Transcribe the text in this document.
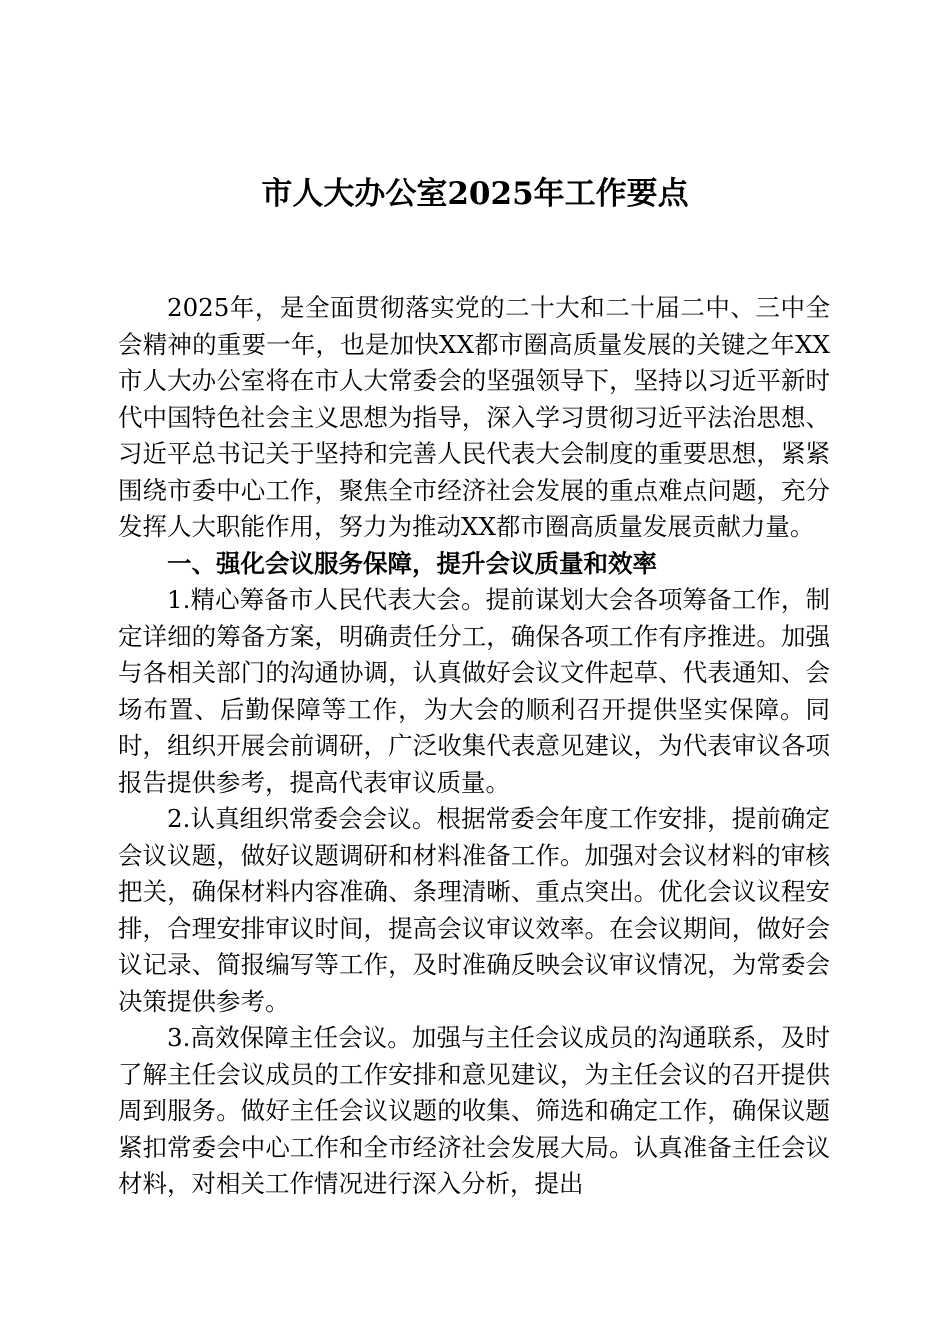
市人大办公室2025年工作要点

2025年，是全面贯彻落实党的二十大和二十届二中、三中全会精神的重要一年，也是加快XX都市圈高质量发展的关键之年XX市人大办公室将在市人大常委会的坚强领导下，坚持以习近平新时代中国特色社会主义思想为指导，深入学习贯彻习近平法治思想、习近平总书记关于坚持和完善人民代表大会制度的重要思想，紧紧围绕市委中心工作，聚焦全市经济社会发展的重点难点问题，充分发挥人大职能作用，努力为推动XX都市圈高质量发展贡献力量。

一、强化会议服务保障，提升会议质量和效率

1.精心筹备市人民代表大会。提前谋划大会各项筹备工作，制定详细的筹备方案，明确责任分工，确保各项工作有序推进。加强与各相关部门的沟通协调，认真做好会议文件起草、代表通知、会场布置、后勤保障等工作，为大会的顺利召开提供坚实保障。同时，组织开展会前调研，广泛收集代表意见建议，为代表审议各项报告提供参考，提高代表审议质量。

2.认真组织常委会会议。根据常委会年度工作安排，提前确定会议议题，做好议题调研和材料准备工作。加强对会议材料的审核把关，确保材料内容准确、条理清晰、重点突出。优化会议议程安排，合理安排审议时间，提高会议审议效率。在会议期间，做好会议记录、简报编写等工作，及时准确反映会议审议情况，为常委会决策提供参考。

3.高效保障主任会议。加强与主任会议成员的沟通联系，及时了解主任会议成员的工作安排和意见建议，为主任会议的召开提供周到服务。做好主任会议议题的收集、筛选和确定工作，确保议题紧扣常委会中心工作和全市经济社会发展大局。认真准备主任会议材料，对相关工作情况进行深入分析，提出
